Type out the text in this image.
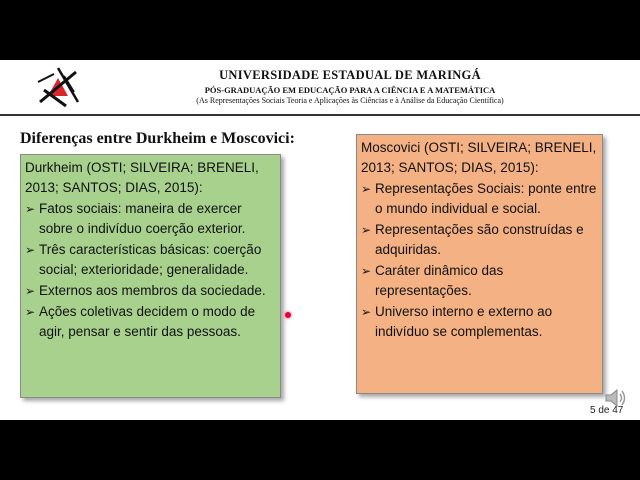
UNIVERSIDADE ESTADUAL DE MARINGÁ
PÓS-GRADUAÇÃO EM EDUCAÇÃO PARA A CIÊNCIA E A MATEMÁTICA
(As Representações Sociais Teoria e Aplicações às Ciências e à Análise da Educação Científica)
Diferenças entre Durkheim e Moscovici:
Durkheim (OSTI; SILVEIRA; BRENELI, 2013; SANTOS; DIAS, 2015):
➢ Fatos sociais: maneira de exercer sobre o indivíduo coerção exterior.
➢ Três características básicas: coerção social; exterioridade; generalidade.
➢ Externos aos membros da sociedade.
➢ Ações coletivas decidem o modo de agir, pensar e sentir das pessoas.
Moscovici (OSTI; SILVEIRA; BRENELI, 2013; SANTOS; DIAS, 2015):
➢ Representações Sociais: ponte entre o mundo individual e social.
➢ Representações são construídas e adquiridas.
➢ Caráter dinâmico das representações.
➢ Universo interno e externo ao indivíduo se complementas.
5 de 47
